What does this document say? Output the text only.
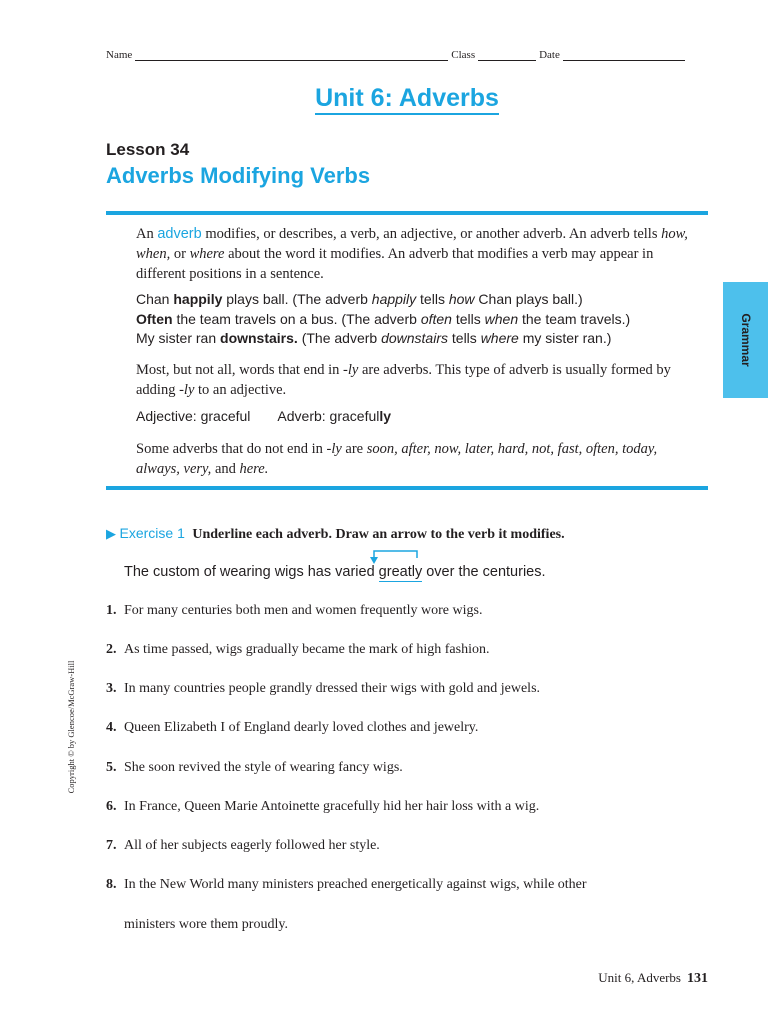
Name	Class	Date
Unit 6: Adverbs
Lesson 34
Adverbs Modifying Verbs
An adverb modifies, or describes, a verb, an adjective, or another adverb. An adverb tells how, when, or where about the word it modifies. An adverb that modifies a verb may appear in different positions in a sentence.
Chan happily plays ball. (The adverb happily tells how Chan plays ball.)
Often the team travels on a bus. (The adverb often tells when the team travels.)
My sister ran downstairs. (The adverb downstairs tells where my sister ran.)
Most, but not all, words that end in -ly are adverbs. This type of adverb is usually formed by adding -ly to an adjective.
Adjective: graceful Adverb: gracefully
Some adverbs that do not end in -ly are soon, after, now, later, hard, not, fast, often, today, always, very, and here.
Grammar
Copyright © by Glencoe/McGraw-Hill
▶ Exercise 1 Underline each adverb. Draw an arrow to the verb it modifies.
The custom of wearing wigs has varied greatly over the centuries.
1. For many centuries both men and women frequently wore wigs.
2. As time passed, wigs gradually became the mark of high fashion.
3. In many countries people grandly dressed their wigs with gold and jewels.
4. Queen Elizabeth I of England dearly loved clothes and jewelry.
5. She soon revived the style of wearing fancy wigs.
6. In France, Queen Marie Antoinette gracefully hid her hair loss with a wig.
7. All of her subjects eagerly followed her style.
8. In the New World many ministers preached energetically against wigs, while other
ministers wore them proudly.
Unit 6, Adverbs 131
